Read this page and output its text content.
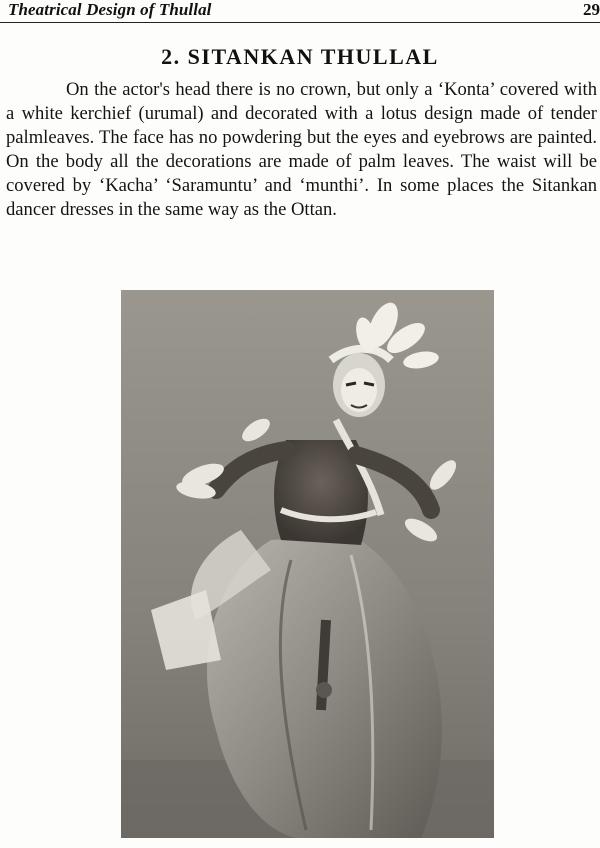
Theatrical Design of Thullal	29
2. SITANKAN THULLAL

On the actor's head there is no crown, but only a ‘Konta’ covered with a white kerchief (urumal) and decorated with a lotus design made of tender palmleaves. The face has no powdering but the eyes and eyebrows are painted. On the body all the decorations are made of palm leaves. The waist will be covered by ‘Kacha’ ‘Saramuntu’ and ‘munthi’. In some places the Sitankan dancer dresses in the same way as the Ottan.
